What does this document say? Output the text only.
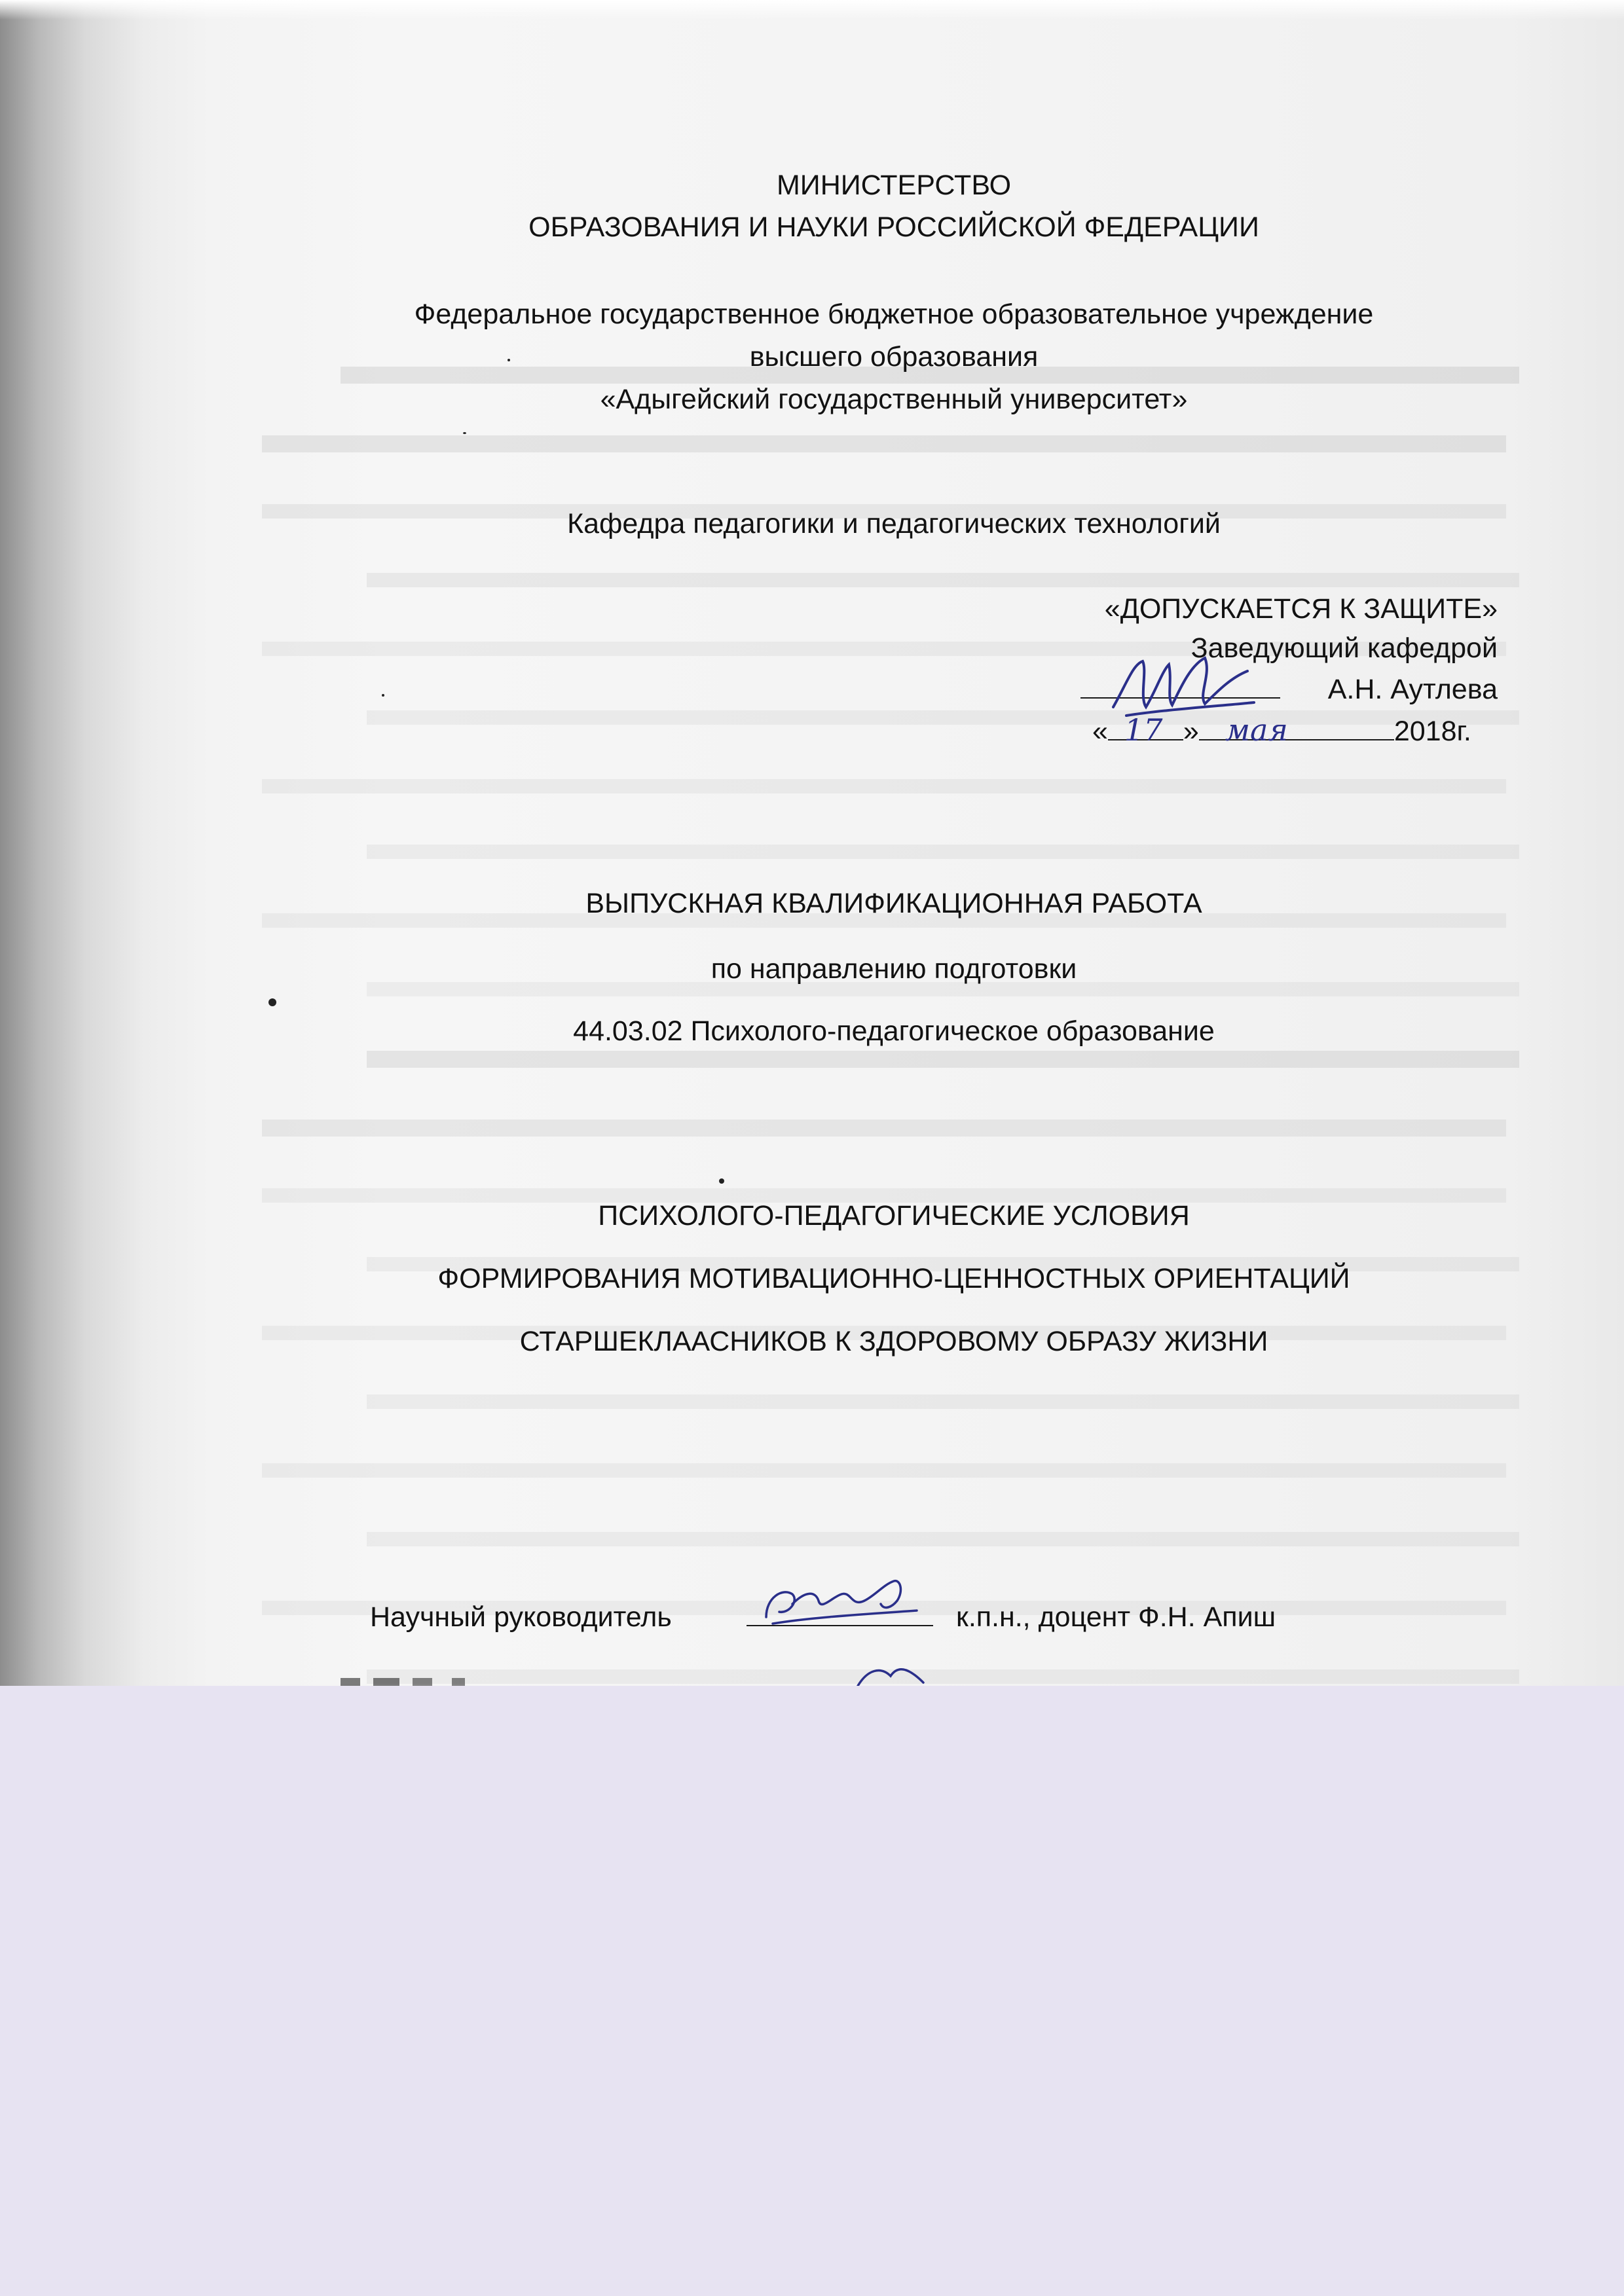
МИНИСТЕРСТВО
ОБРАЗОВАНИЯ И НАУКИ РОССИЙСКОЙ ФЕДЕРАЦИИ
Федеральное государственное бюджетное образовательное учреждение
высшего образования
«Адыгейский государственный университет»
Кафедра педагогики и педагогических технологий
«ДОПУСКАЕТСЯ К ЗАЩИТЕ»
Заведующий кафедрой
А.Н. Аутлева
« 17 » мая	2018г.
ВЫПУСКНАЯ КВАЛИФИКАЦИОННАЯ РАБОТА
по направлению подготовки
44.03.02 Психолого-педагогическое образование
ПСИХОЛОГО-ПЕДАГОГИЧЕСКИЕ УСЛОВИЯ
ФОРМИРОВАНИЯ МОТИВАЦИОННО-ЦЕННОСТНЫХ ОРИЕНТАЦИЙ
СТАРШЕКЛААСНИКОВ К ЗДОРОВОМУ ОБРАЗУ ЖИЗНИ
Научный руководитель	к.п.н., доцент Ф.Н. Апиш
